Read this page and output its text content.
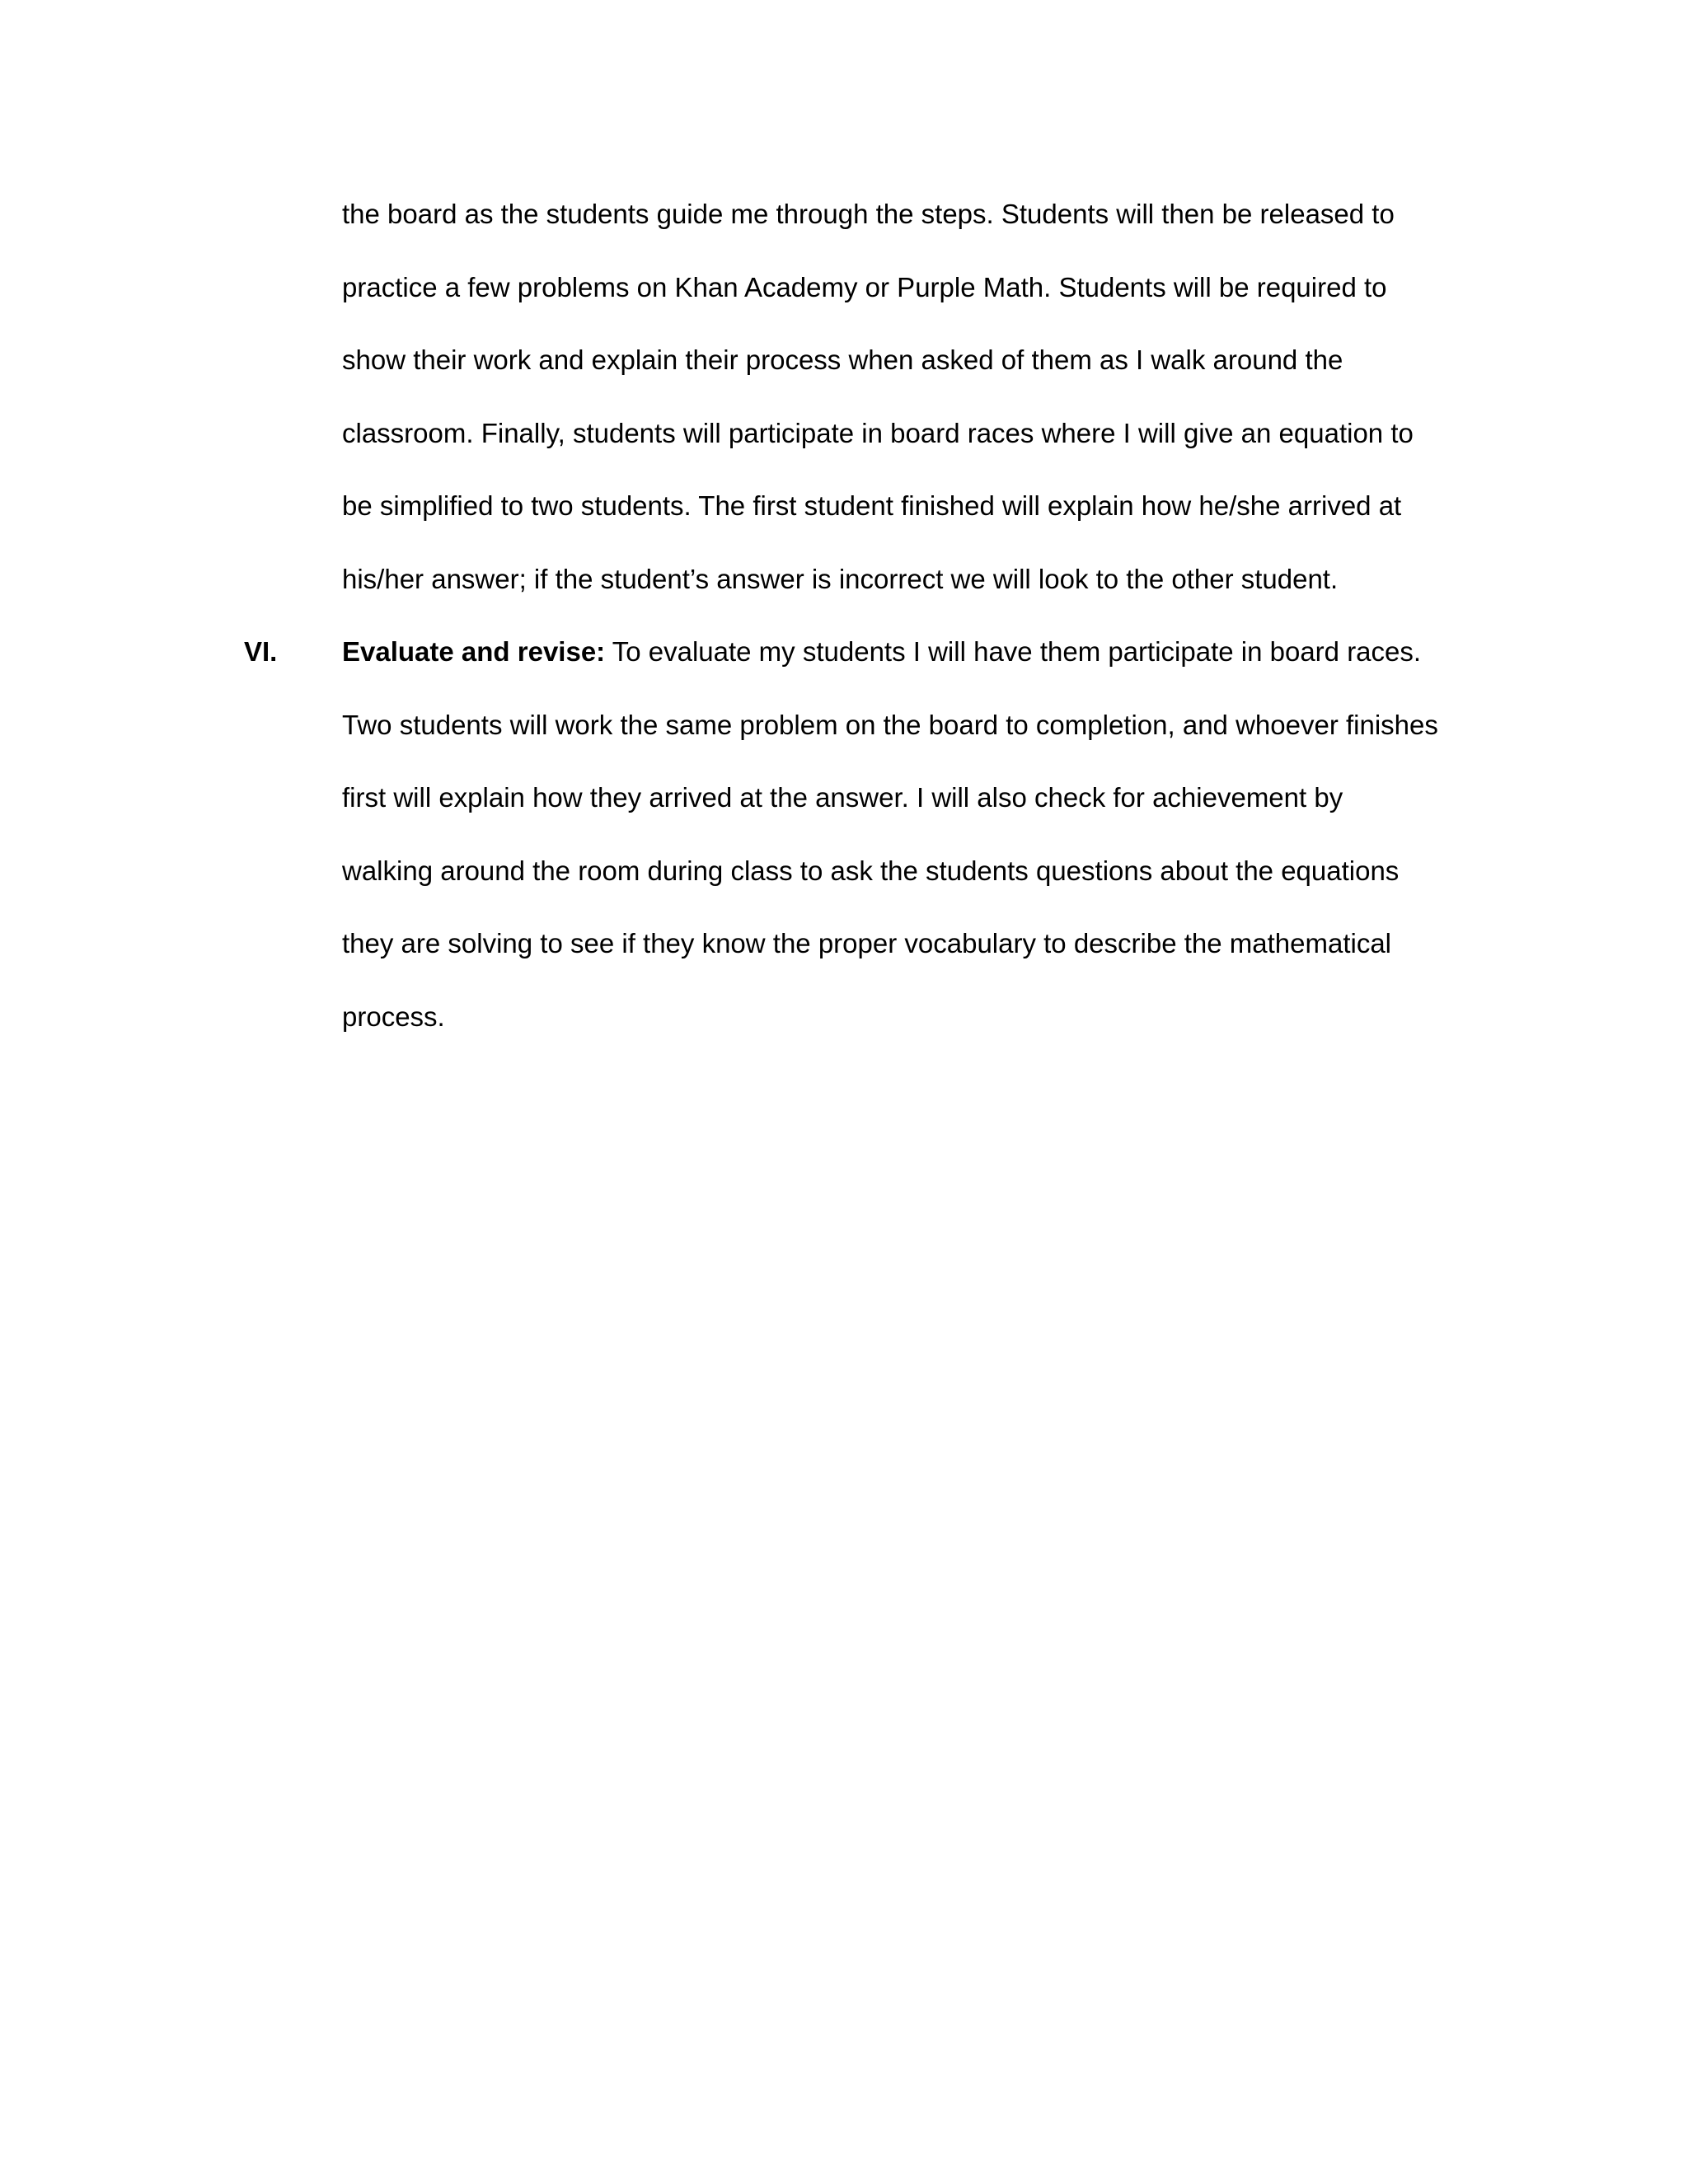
the board as the students guide me through the steps. Students will then be released to
practice a few problems on Khan Academy or Purple Math. Students will be required to
show their work and explain their process when asked of them as I walk around the
classroom. Finally, students will participate in board races where I will give an equation to
be simplified to two students. The first student finished will explain how he/she arrived at
his/her answer; if the student’s answer is incorrect we will look to the other student.
VI. Evaluate and revise: To evaluate my students I will have them participate in board races.
Two students will work the same problem on the board to completion, and whoever finishes
first will explain how they arrived at the answer. I will also check for achievement by
walking around the room during class to ask the students questions about the equations
they are solving to see if they know the proper vocabulary to describe the mathematical
process.
